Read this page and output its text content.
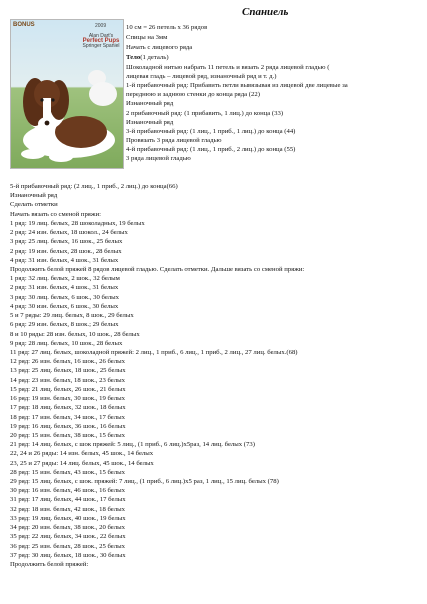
Спаниель
BONUS	2009
Alan Dart's
Perfect Pups
Springer Spaniel
10 см = 26 петель х 36 рядов
Спицы на 3мм
Начать с лицевого ряда
Тело(1 деталь)
Шоколадной нитью набрать 11 петель и вязать 2 ряда лицевой гладью (
лицевая гладь – лицевой ряд, изнаночный ряд и т. д.)
1-й прибавочный ряд: Прибавить петли вывязывая из лицевой две лицевые за
переднюю и заднюю стенки до конца ряда (22)
Изнаночный ряд
2 прибавочный ряд: (1 прибавить, 1 лиц.) до конца (33)
Изнаночный ряд
3-й прибавочный ряд: (1 лиц., 1 приб., 1 лиц.) до конца (44)
Провязать 3 ряда лицевой гладью
4-й прибавочный ряд: (1 лиц., 1 приб., 2 лиц.) до конца (55)
3 ряда лицевой гладью
5-й прибавочный ряд: (2 лиц., 1 приб., 2 лиц.) до конца(66)
Изнаночный ряд
Сделать отметки
Начать вязать со сменой пряжи:
1 ряд: 19 лиц. белых, 28 шоколадных, 19 белых
2 ряд: 24 изн. белых, 18 шокол., 24 белых
3 ряд: 25 лиц. белых, 16 шок., 25 белых
2 ряд: 19 изн. белых, 28 шок., 28 белых
4 ряд: 31 изн. белых, 4 шок., 31 белых
Продолжить белой пряжей 8 рядов лицевой гладью. Сделать отметки. Дальше вязать со сменой пряжи:
1 ряд: 32 лиц. белых, 2 шок., 32 белым
2 ряд: 31 изн. белых, 4 шок., 31 белых
3 ряд: 30 лиц. белых, 6 шок., 30 белых
4 ряд: 30 изн. белых, 6 шок., 30 белых
5 и 7 ряды: 29 лиц. белых, 8 шок., 29 белых
6 ряд: 29 изн. белых, 8 шок.; 29 белых
8 и 10 ряды: 28 изн. белых, 10 шок., 28 белых
9 ряд: 28 лиц. белых, 10 шок., 28 белых
11 ряд: 27 лиц. белых, шоколадной пряжей: 2 лиц., 1 приб., 6 лиц., 1 приб., 2 лиц., 27 лиц. белых.(68)
12 ряд: 26 изн. белых, 16 шок., 26 белых
13 ряд: 25 лиц. белых, 18 шок., 25 белых
14 ряд: 23 изн. белых, 18 шок., 23 белых
15 ряд: 21 лиц. белых, 26 шок., 21 белых
16 ряд: 19 изн. белых, 30 шок., 19 белых
17 ряд: 18 лиц. белых, 32 шок., 18 белых
18 ряд: 17 изн. белых, 34 шок., 17 белых
19 ряд: 16 лиц. белых, 36 шок., 16 белых
20 ряд: 15 изн. белых, 38 шок., 15 белых
21 ряд: 14 лиц. белых, с шок пряжей: 5 лиц., (1 приб., 6 лиц.)х5раз, 14 лиц. белых (73)
22, 24 и 26 ряды: 14 изн. белых, 45 шок., 14 белых
23, 25 и 27 ряды: 14 лиц. белых, 45 шок., 14 белых
28 ряд: 15 изн. белых, 43 шок., 15 белых
29 ряд: 15 лиц. белых, с шок. пряжей: 7 лиц., (1 приб., 6 лиц.)х5 раз, 1 лиц., 15 лиц. белых (78)
30 ряд: 16 изн. белых, 46 шок., 16 белых
31 ряд: 17 лиц. белых, 44 шок., 17 белых
32 ряд: 18 изн. белых, 42 шок., 18 белых
33 ряд: 19 лиц. белых, 40 шок., 19 белых
34 ряд: 20 изн. белых, 38 шок., 20 белых
35 ряд: 22 лиц. белых, 34 шок., 22 белых
36 ряд: 25 изн. белых, 28 шок., 25 белых
37 ряд: 30 лиц. белых, 18 шок., 30 белых
Продолжить белой пряжей:
